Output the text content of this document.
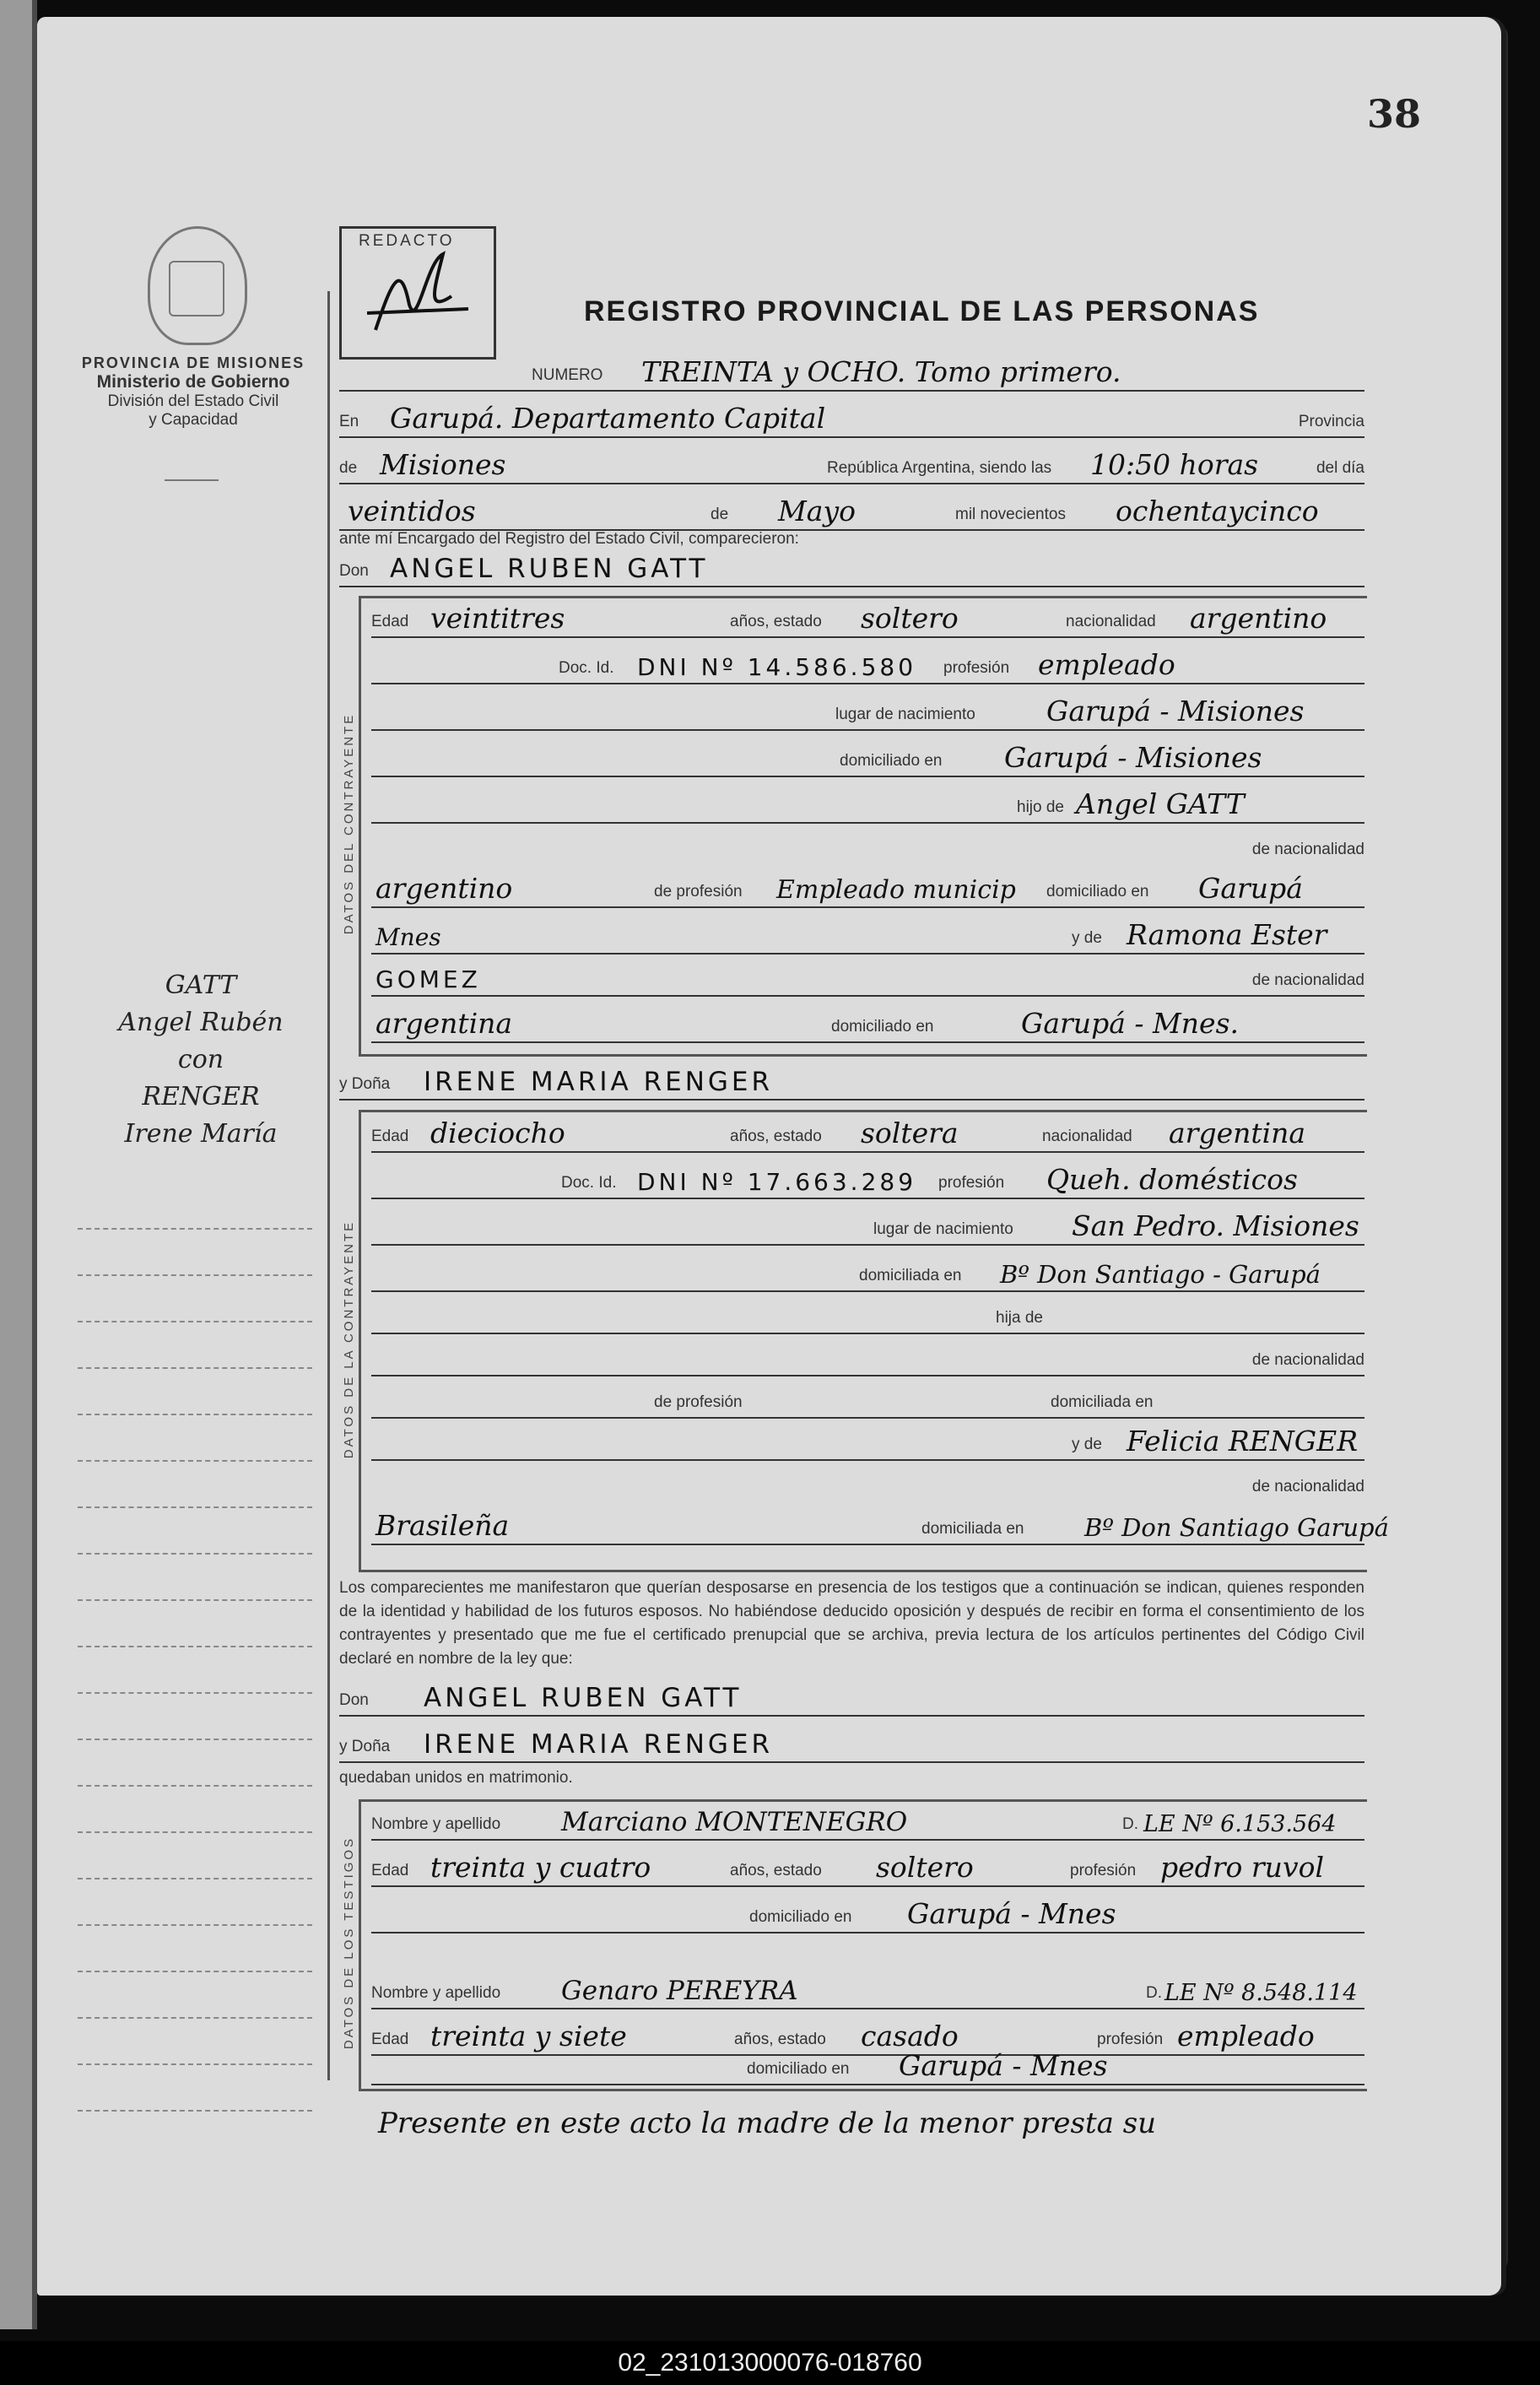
38
PROVINCIA DE MISIONES
Ministerio de Gobierno
División del Estado Civil
y Capacidad
GATT
Angel Rubén
con
RENGER
Irene María
REDACTO
REGISTRO PROVINCIAL DE LAS PERSONAS
NUMERO TREINTA y OCHO. Tomo primero.
En Garupá. Departamento Capital	Provincia
de Misiones	República Argentina, siendo las 10:50 horas	del día
veintidos	de Mayo	mil novecientos ochentaycinco
ante mí Encargado del Registro del Estado Civil, comparecieron:
Don ANGEL RUBEN GATT
DATOS DEL CONTRAYENTE
Edad veintitres	años, estado soltero	nacionalidad argentino
Doc. Id. DNI Nº 14.586.580 profesión empleado
lugar de nacimiento	Garupá - Misiones
domiciliado en Garupá - Misiones
hijo de Angel GATT
de nacionalidad
argentino	de profesión Empleado municip domiciliado en Garupá
Mnes	y de Ramona Ester
GOMEZ	de nacionalidad
argentina	domiciliado en	Garupá - Mnes.
y Doña IRENE MARIA RENGER
DATOS DE LA CONTRAYENTE
Edad dieciocho	años, estado soltera	nacionalidad argentina
Doc. Id. DNI Nº 17.663.289 profesión Queh. domésticos
lugar de nacimiento San Pedro. Misiones
domiciliada en Bº Don Santiago - Garupá
hija de
de nacionalidad
de profesión	domiciliada en
y de Felicia RENGER
de nacionalidad
Brasileña	domiciliada en Bº Don Santiago Garupá
Los comparecientes me manifestaron que querían desposarse en presencia de los testigos que a continuación se indican, quienes responden de la identidad y habilidad de los futuros esposos. No habiéndose deducido oposición y después de recibir en forma el consentimiento de los contrayentes y presentado que me fue el certificado prenupcial que se archiva, previa lectura de los artículos pertinentes del Código Civil declaré en nombre de la ley que:
Don ANGEL RUBEN GATT
y Doña IRENE MARIA RENGER
quedaban unidos en matrimonio.
DATOS DE LOS TESTIGOS
Nombre y apellido Marciano MONTENEGRO	D. LE Nº 6.153.564
Edad treinta y cuatro	años, estado soltero	profesión pedro ruvol
domiciliado en Garupá - Mnes
Nombre y apellido Genaro PEREYRA	D. LE Nº 8.548.114
Edad treinta y siete	años, estado casado	profesión empleado
domiciliado en Garupá - Mnes
Presente en este acto la madre de la menor presta su
02_231013000076-018760
